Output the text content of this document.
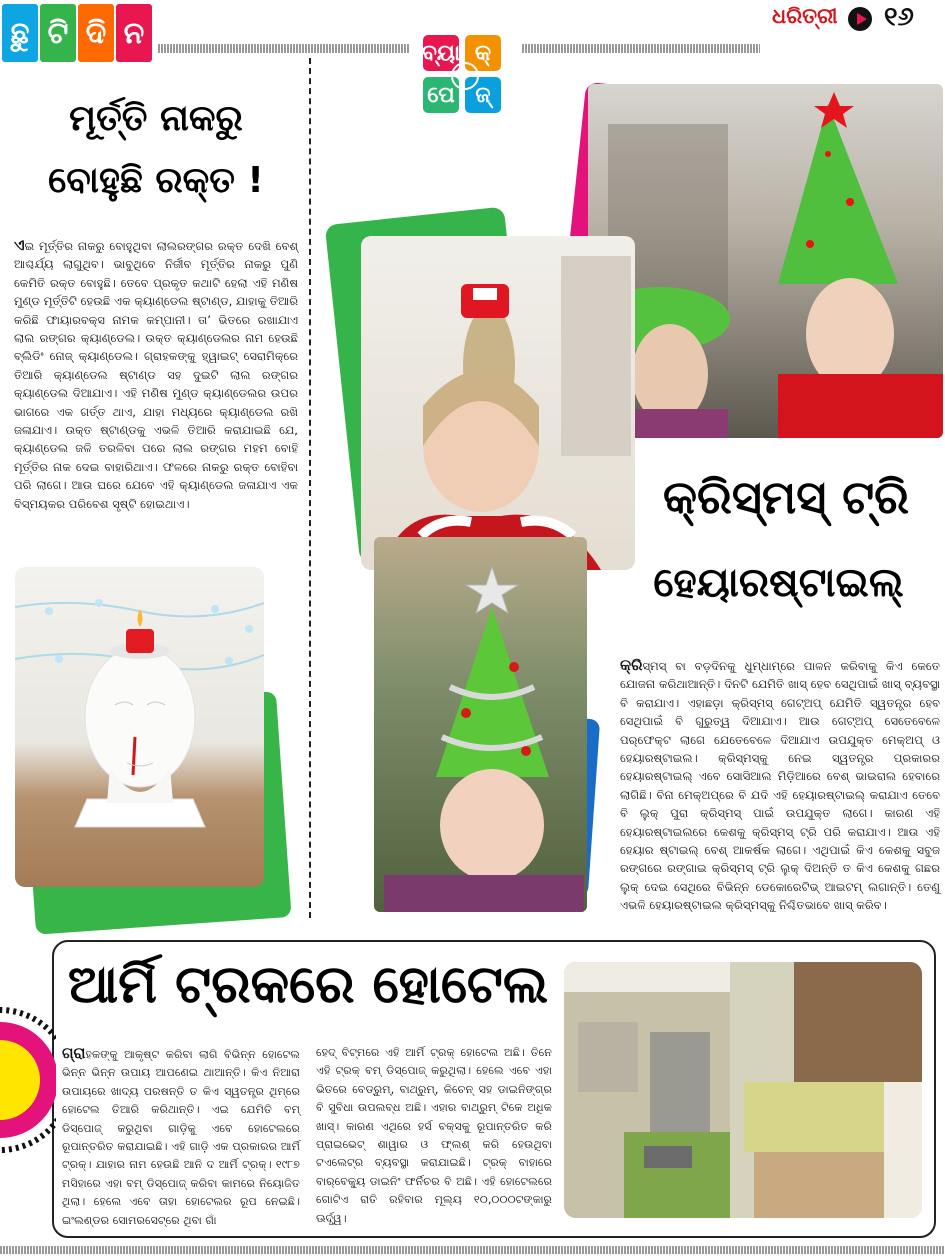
ଛୁ ଟି ଦି ନ	ଧରିତ୍ରୀ ୧୬
ବ୍ୟା କ୍
ପେ ଜ୍
ମୂର୍ତ୍ତି ନାକରୁ
ବୋହୁଛି ରକ୍ତ !

ଏଇ ମୂର୍ତ୍ତିର ନାକରୁ ବୋହୁଥିବା ଲାଲରଙ୍ଗର ରକ୍ତ ଦେଖି ବେଶ୍ ଆଶ୍ଚର୍ଯ୍ୟ ଲାଗୁଥିବ। ଭାବୁଥିବେ ନିର୍ଜୀବ ମୂର୍ତ୍ତିର ନାକରୁ ପୁଣି କେମିତି ରକ୍ତ ବୋହୁଛି। ତେବେ ପ୍ରକୃତ କଥାଟି ହେଲା ଏହି ମଣିଷ ମୁଣ୍ଡ ମୂର୍ତ୍ତିଟି ହେଉଛି ଏକ କ୍ୟାଣ୍ଡେଲ ଷ୍ଟାଣ୍ଡ, ଯାହାକୁ ତିଆରି କରିଛି ଫାୟାରବକ୍ସ ନାମକ କମ୍ପାନୀ। ତା’ ଭିତରେ ରଖାଯାଏ ଲାଲ ରଙ୍ଗର କ୍ୟାଣ୍ଡେଲ। ଉକ୍ତ କ୍ୟାଣ୍ଡେଲର ନାମ ହେଉଛି ବ୍ଲିଡିଂ ନୋଜ୍ କ୍ୟାଣ୍ଡେଲ। ଗ୍ରାହକଙ୍କୁ ହ୍ୱାଇଟ୍ ସେରାମିକ୍‌ରେ ତିଆରି କ୍ୟାଣ୍ଡେଲ ଷ୍ଟାଣ୍ଡ ସହ ଦୁଇଟି ଲାଲ ରଙ୍ଗର କ୍ୟାଣ୍ଡେଲ ଦିଆଯାଏ। ଏହି ମଣିଷ ମୁଣ୍ଡ କ୍ୟାଣ୍ଡେଲର ଉପର ଭାଗରେ ଏକ ଗର୍ତ୍ତ ଥାଏ, ଯାହା ମଧ୍ୟରେ କ୍ୟାଣ୍ଡେଲ ରଖି ଜଳାଯାଏ। ଉକ୍ତ ଷ୍ଟାଣ୍ଡକୁ ଏଭଳି ତିଆରି କରାଯାଇଛି ଯେ, କ୍ୟାଣ୍ଡେଲ ଜଳି ତରଳିବା ପରେ ଲାଲ ରଙ୍ଗର ମହମ ବୋହି ମୂର୍ତ୍ତିର ନାକ ଦେଇ ବାହାରିଥାଏ। ଫଳରେ ନାକରୁ ରକ୍ତ ବୋହିବା ପରି ଲାଗେ। ଆଉ ଘରେ ଯେବେ ଏହି କ୍ୟାଣ୍ଡେଲ ଜଳାଯାଏ ଏକ ବିସ୍ମୟକର ପରିବେଶ ସୃଷ୍ଟି ହୋଇଥାଏ।	କ୍ରିସ୍‌ମସ୍ ଟ୍ରି
ହେୟାରଷ୍ଟାଇଲ୍

କ୍ରିସ୍‌ମସ୍ ବା ବଡ଼ଦିନକୁ ଧୁମ୍‌ଧାମ୍‌ରେ ପାଳନ କରିବାକୁ କିଏ କେତେ ଯୋଜନା କରିଥାଆନ୍ତି। ଦିନଟି ଯେମିତି ଖାସ୍ ହେବ ସେଥିପାଇଁ ଖାସ୍ ବ୍ୟବସ୍ଥା ବି କରାଯାଏ। ଏହାଛଡ଼ା କ୍ରିସ୍‌ମସ୍ ଗେଟ୍‌ଅପ୍ ଯେମିତି ସ୍ୱତନ୍ତ୍ର ହେବ ସେଥିପାଇଁ ବି ଗୁରୁତ୍ୱ ଦିଆଯାଏ। ଆଉ ଗେଟ୍‌ଅପ୍ ସେତେବେଳେ ପର୍‌ଫେକ୍ଟ ଲାଗେ ଯେତେବେଳେ ଦିଆଯାଏ ଉପଯୁକ୍ତ ମେକ୍‌ଅପ୍ ଓ ହେୟାରଷ୍ଟାଇଲ। କ୍ରିସ୍‌ମସ୍‌କୁ ନେଇ ସ୍ୱତନ୍ତ୍ର ପ୍ରକାରର ହେୟାରଷ୍ଟାଇଲ୍ ଏବେ ସୋସିଆଲ ମିଡ଼ିଆରେ ବେଶ୍ ଭାଇରାଲ ହେବାରେ ଲାଗିଛି। ବିନା ମେକ୍‌ଅପ୍‌ରେ ବି ଯଦି ଏହି ହେୟାରଷ୍ଟାଇଲ୍ କରାଯାଏ ତେବେ ବି ଲୁକ୍ ପୁରା କ୍ରିସ୍‌ମସ୍ ପାଇଁ ଉପଯୁକ୍ତ ଲାଗେ। କାରଣ ଏହି ହେୟାରଷ୍ଟାଇଲରେ କେଶକୁ କ୍ରିସ୍‌ମସ୍ ଟ୍ରି ପରି କରାଯାଏ। ଆଉ ଏହି ହେୟାର ଷ୍ଟାଇଲ୍ ବେଶ୍ ଆକର୍ଷକ ଲାଗେ। ଏଥିପାଇଁ କିଏ କେଶକୁ ସବୁଜ ରଙ୍ଗରେ ରଙ୍ଗାଇ କ୍ରିସ୍‌ମସ୍ ଟ୍ରି ଲୁକ୍ ଦିଅନ୍ତି ତ କିଏ କେଶକୁ ଗଛର ଲୁକ୍ ଦେଇ ସେଥିରେ ବିଭିନ୍ନ ଡେକୋରେଟିଭ୍ ଆଇଟମ୍ ଲଗାନ୍ତି। ତେଣୁ ଏଭଳି ହେୟାରଷ୍ଟାଇଲ କ୍ରିସ୍‌ମସ୍‌କୁ ନିଶ୍ଚିତଭାବେ ଖାସ୍ କରିବ।

ଆର୍ମି ଟ୍ରକରେ ହୋଟେଲ

ଗ୍ରାହକଙ୍କୁ ଆକୃଷ୍ଟ କରିବା ଲାଗି ବିଭିନ୍ନ ହୋଟେଲ ଭିନ୍ନ ଭିନ୍ନ ଉପାୟ ଆପଣେଇ ଥାଆନ୍ତି। କିଏ ନିଆରା ଉପାୟରେ ଖାଦ୍ୟ ପରଷନ୍ତି ତ କିଏ ସ୍ୱତନ୍ତ୍ର ଥିମ୍‌ରେ ହୋଟେଲ ତିଆରି କରିଥାନ୍ତି। ଏଇ ଯେମିତି ବମ୍ ଡିସ୍ପୋଜ୍ କରୁଥିବା ଗାଡ଼ିକୁ ଏବେ ହୋଟେଲରେ ରୂପାନ୍ତରିତ କରାଯାଇଛି। ଏହି ଗାଡ଼ି ଏକ ପ୍ରକାରର ଆର୍ମି ଟ୍ରକ୍। ଯାହାର ନାମ ହେଉଛି ଆନି ଦ ଆର୍ମି ଟ୍ରକ୍। ୧୯୮୭ ମସିହାରେ ଏହା ବମ୍ ଡିସ୍ପୋଜ୍ କରିବା କାମରେ ନିୟୋଜିତ ଥିଲା। ହେଲେ ଏବେ ତାହା ହୋଟେଲର ରୂପ ନେଇଛି। ଇଂଲଣ୍ଡର ସୋମରସେଟ୍‌ରେ ଥିବା ଗାଁ

ହେଦ୍ ବିଟ୍‌ମରେ ଏହି ଆର୍ମି ଟ୍ରକ୍ ହୋଟେଲ ଅଛି। ତିନେ ଏହି ଟ୍ରକ୍ ବମ୍ ଡିସ୍ପୋଜ୍ କରୁଥିଲା। ହେଲେ ଏବେ ଏହା ଭିତରେ ବେଡ୍‌ରୁମ୍, ବାଥ୍‌ରୁମ୍, କିଚେନ୍ ସହ ଡାଇନିଙ୍ଗ୍‌ର ବି ସୁବିଧା ଉପଲବ୍ଧ ଅଛି। ଏହାର ବାଥ୍‌ରୁମ୍ ଟିକେ ଅଧିକ ଖାସ୍। କାରଣ ଏଥିରେ ହର୍ସ ବକ୍ସକୁ ରୂପାନ୍ତରିତ କରି ପ୍ରାଇଭେଟ୍ ଶାୱାର ଓ ଫ୍ଲଶ୍ କରି ହେଉଥିବା ଟଏଲେଟ୍‌ର ବ୍ୟବସ୍ଥା କରାଯାଇଛି। ଟ୍ରକ୍ ବାହାରେ ବାର୍‌ବେକ୍ୟୁ ଡାଇନିଂ ଫର୍ନିଚର ବି ଅଛି। ଏହି ହୋଟେଲରେ ଗୋଟିଏ ରାତି ରହିବାର ମୂଲ୍ୟ ୧୦,୦୦୦ଟଙ୍କାରୁ ଊର୍ଦ୍ଧ୍ୱ।
